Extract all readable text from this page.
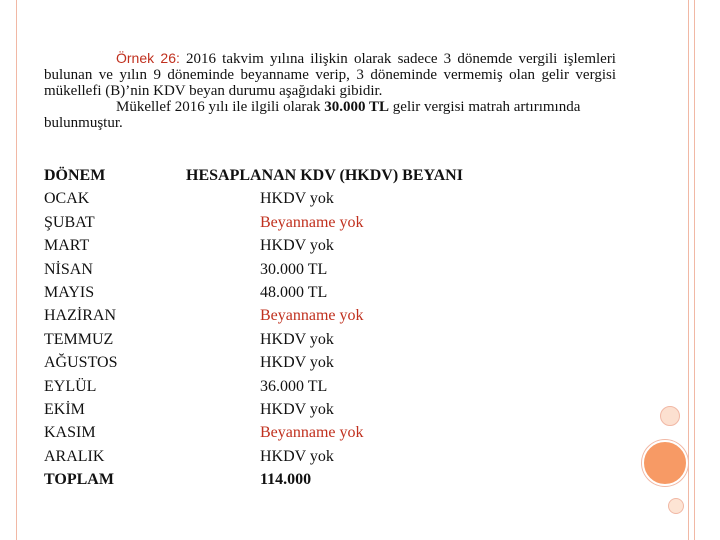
Örnek 26: 2016 takvim yılına ilişkin olarak sadece 3 dönemde vergili işlemleri bulunan ve yılın 9 döneminde beyanname verip, 3 döneminde vermemiş olan gelir vergisi mükellefi (B)’nin KDV beyan durumu aşağıdaki gibidir.

Mükellef 2016 yılı ile ilgili olarak 30.000 TL gelir vergisi matrah artırımında bulunmuştur.

DÖNEM	HESAPLANAN KDV (HKDV) BEYANI
OCAK	HKDV yok
ŞUBAT	Beyanname yok
MART	HKDV yok
NİSAN	30.000 TL
MAYIS	48.000 TL
HAZİRAN	Beyanname yok
TEMMUZ	HKDV yok
AĞUSTOS	HKDV yok
EYLÜL	36.000 TL
EKİM	HKDV yok
KASIM	Beyanname yok
ARALIK	HKDV yok
TOPLAM	114.000
